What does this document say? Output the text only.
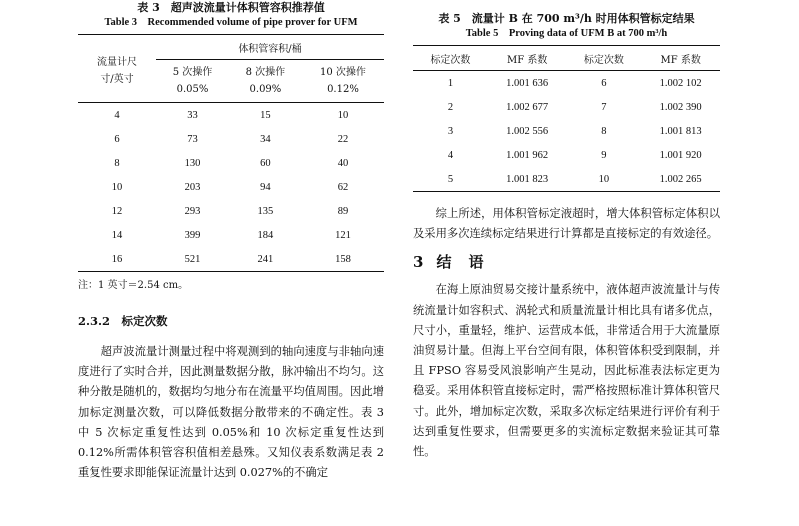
表 3　超声波流量计体积管容积推荐值
Table 3　Recommended volume of pipe prover for UFM
流量计尺寸/英寸	体积管容积/桶		
	5 次操作 0.05%	8 次操作 0.09%	10 次操作 0.12%
4	33	15	10
6	73	34	22
8	130	60	40
10	203	94	62
12	293	135	89
14	399	184	121
16	521	241	158
注：1 英寸＝2.54 cm。
2.3.2　标定次数

超声波流量计测量过程中将观测到的轴向速度与非轴向速度进行了实时合并，因此测量数据分散，脉冲输出不均匀。这种分散是随机的，数据均匀地分布在流量平均值周围。因此增加标定测量次数，可以降低数据分散带来的不确定性。表 3 中 5 次标定重复性达到 0.05%和 10 次标定重复性达到 0.12%所需体积管容积值相差悬殊。又知仪表系数满足表 2 重复性要求即能保证流量计达到 0.027%的不确定

表 5　流量计 B 在 700 m³/h 时用体积管标定结果
Table 5　Proving data of UFM B at 700 m³/h
标定次数	MF 系数	标定次数	MF 系数
1	1.001 636	6	1.002 102
2	1.002 677	7	1.002 390
3	1.002 556	8	1.001 813
4	1.001 962	9	1.001 920
5	1.001 823	10	1.002 265

综上所述，用体积管标定液超时，增大体积管标定体积以及采用多次连续标定结果进行计算都是直接标定的有效途径。

3 结　语

在海上原油贸易交接计量系统中，液体超声波流量计与传统流量计如容积式、涡轮式和质量流量计相比具有诸多优点，尺寸小，重量轻，维护、运营成本低，非常适合用于大流量原油贸易计量。但海上平台空间有限，体积管体积受到限制，并且 FPSO 容易受风浪影响产生晃动，因此标准表法标定更为稳妥。采用体积管直接标定时，需严格按照标准计算体积管尺寸。此外，增加标定次数，采取多次标定结果进行评价有利于达到重复性要求，但需要更多的实流标定数据来验证其可靠性。
